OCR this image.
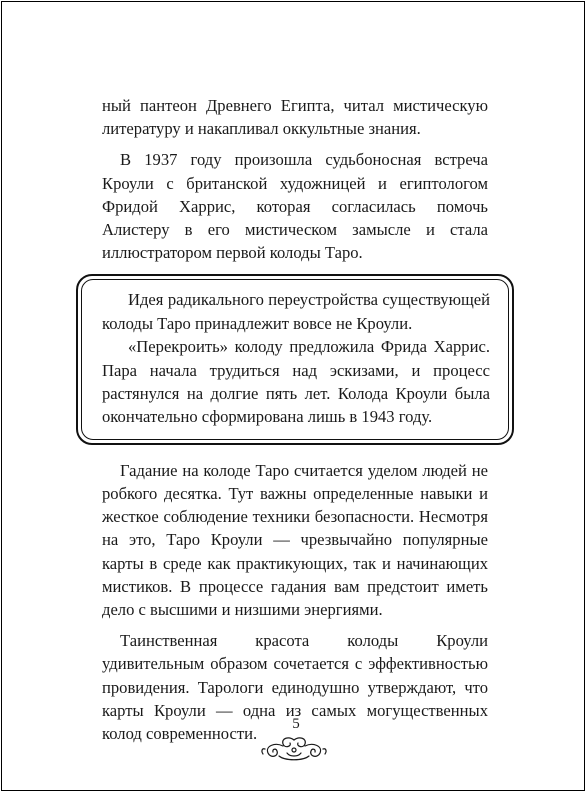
ный пантеон Древнего Египта, читал мистическую литературу и накапливал оккультные знания.

В 1937 году произошла судьбоносная встреча Кроули с британской художницей и египтологом Фридой Харрис, которая согласилась помочь Алистеру в его мистическом замысле и стала иллюстратором первой колоды Таро.

Идея радикального переустройства существующей колоды Таро принадлежит вовсе не Кроули.

«Перекроить» колоду предложила Фрида Харрис. Пара начала трудиться над эскизами, и процесс растянулся на долгие пять лет. Колода Кроули была окончательно сформирована лишь в 1943 году.

Гадание на колоде Таро считается уделом людей не робкого десятка. Тут важны определенные навыки и жесткое соблюдение техники безопасности. Несмотря на это, Таро Кроули — чрезвычайно популярные карты в среде как практикующих, так и начинающих мистиков. В процессе гадания вам предстоит иметь дело с высшими и низшими энергиями.

Таинственная красота колоды Кроули удивительным образом сочетается с эффективностью провидения. Тарологи единодушно утверждают, что карты Кроули — одна из самых могущественных колод современности.

5
